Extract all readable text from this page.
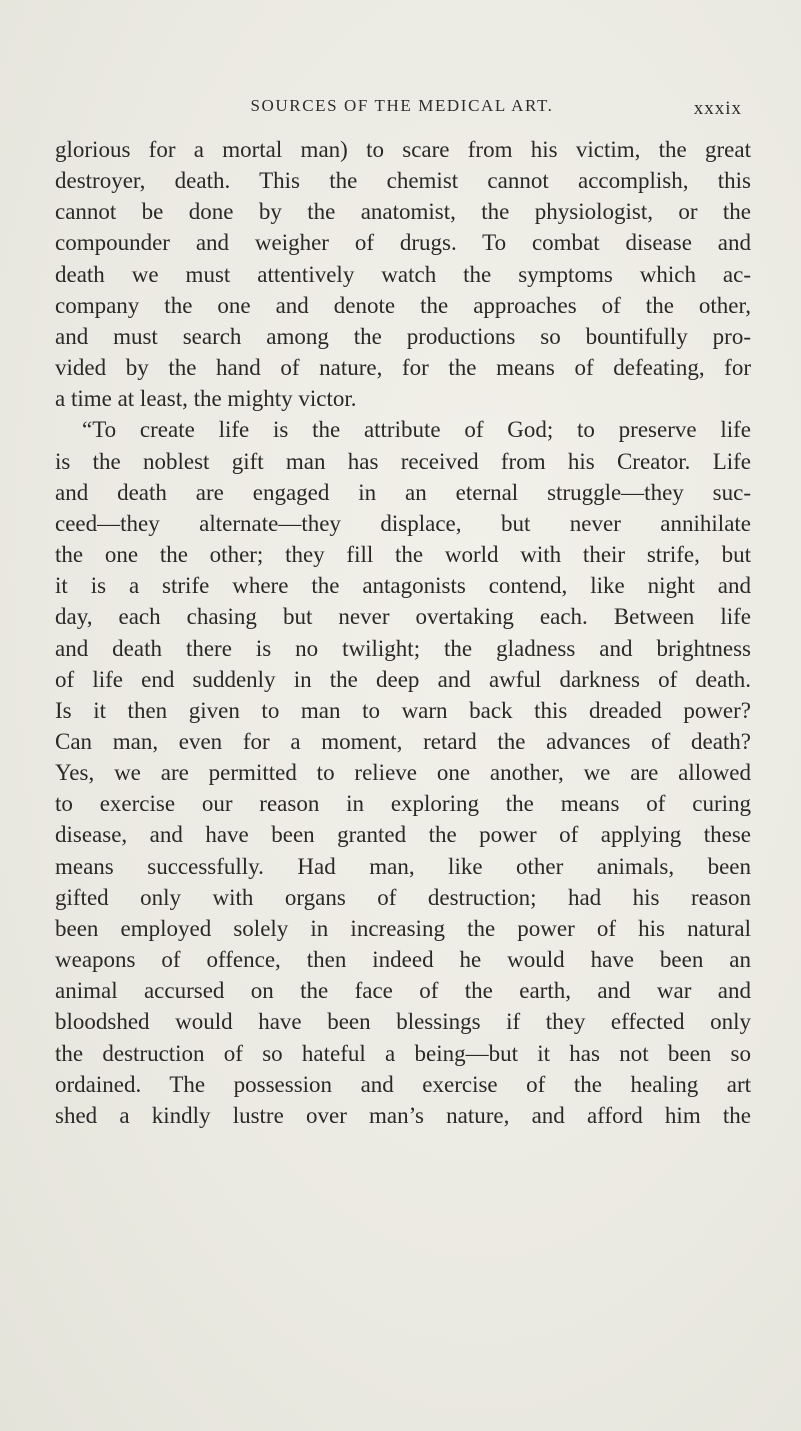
SOURCES OF THE MEDICAL ART.	xxxix
glorious for a mortal man) to scare from his victim, the great
destroyer, death. This the chemist cannot accomplish, this
cannot be done by the anatomist, the physiologist, or the
compounder and weigher of drugs. To combat disease and
death we must attentively watch the symptoms which ac-
company the one and denote the approaches of the other,
and must search among the productions so bountifully pro-
vided by the hand of nature, for the means of defeating, for
a time at least, the mighty victor.
“To create life is the attribute of God; to preserve life
is the noblest gift man has received from his Creator. Life
and death are engaged in an eternal struggle—they suc-
ceed—they alternate—they displace, but never annihilate
the one the other; they fill the world with their strife, but
it is a strife where the antagonists contend, like night and
day, each chasing but never overtaking each. Between life
and death there is no twilight; the gladness and brightness
of life end suddenly in the deep and awful darkness of death.
Is it then given to man to warn back this dreaded power?
Can man, even for a moment, retard the advances of death?
Yes, we are permitted to relieve one another, we are allowed
to exercise our reason in exploring the means of curing
disease, and have been granted the power of applying these
means successfully. Had man, like other animals, been
gifted only with organs of destruction; had his reason
been employed solely in increasing the power of his natural
weapons of offence, then indeed he would have been an
animal accursed on the face of the earth, and war and
bloodshed would have been blessings if they effected only
the destruction of so hateful a being—but it has not been so
ordained. The possession and exercise of the healing art
shed a kindly lustre over man’s nature, and afford him the
